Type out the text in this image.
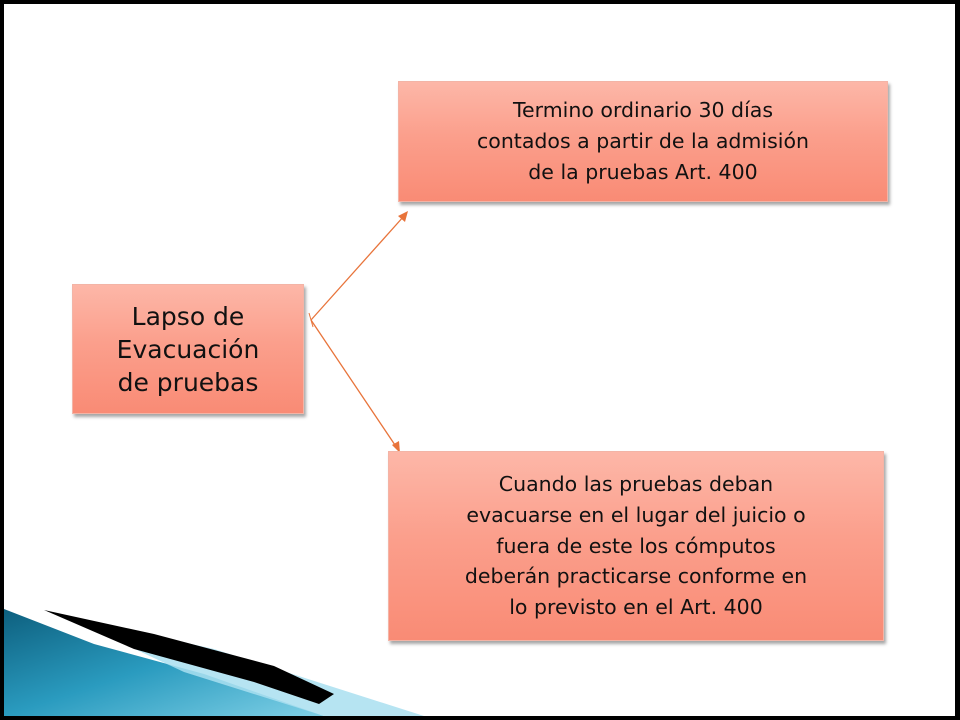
Lapso de
Evacuación
de pruebas
Termino ordinario 30 días
contados a partir de la admisión
de la pruebas Art. 400
Cuando las pruebas deban
evacuarse en el lugar del juicio o
fuera de este los cómputos
deberán practicarse conforme en
lo previsto en el Art. 400
